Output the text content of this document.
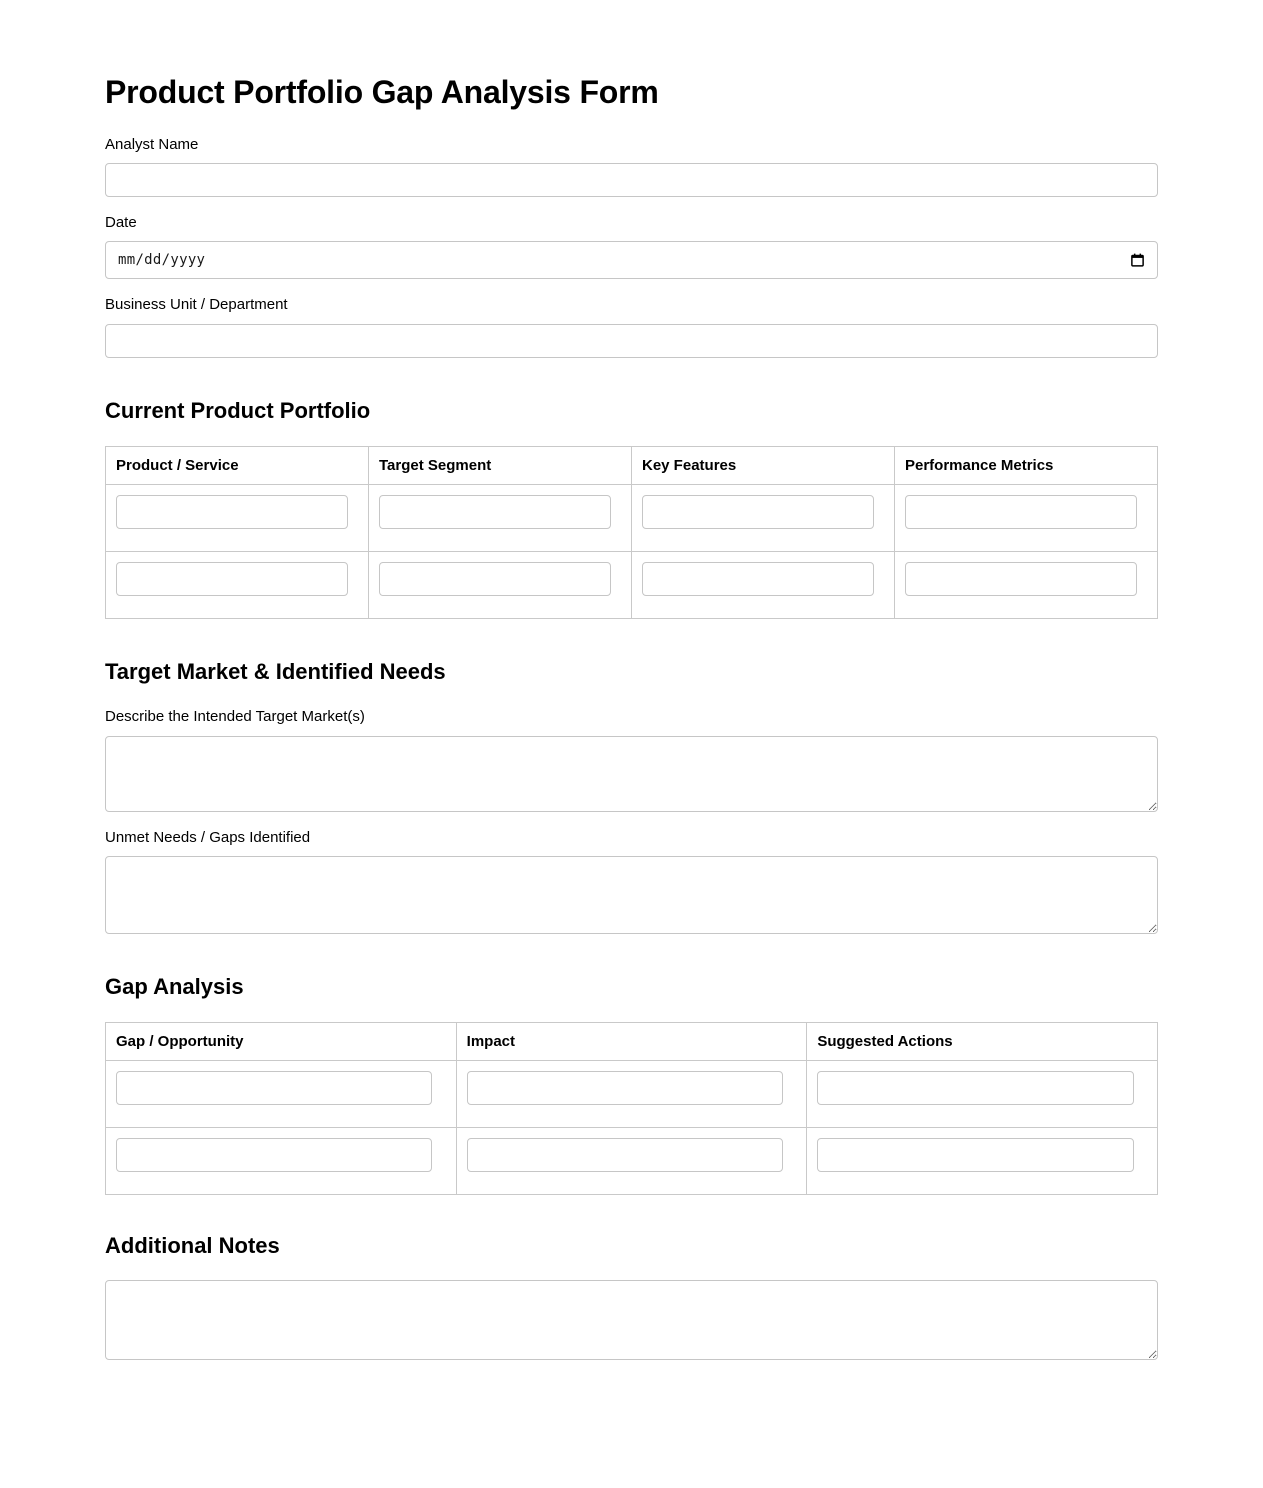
Product Portfolio Gap Analysis Form
Analyst Name
Date
mm/dd/yyyy
Business Unit / Department
Current Product Portfolio
Product / Service	Target Segment	Key Features	Performance Metrics

Target Market & Identified Needs
Describe the Intended Target Market(s)
Unmet Needs / Gaps Identified
Gap Analysis
Gap / Opportunity	Impact	Suggested Actions

Additional Notes
